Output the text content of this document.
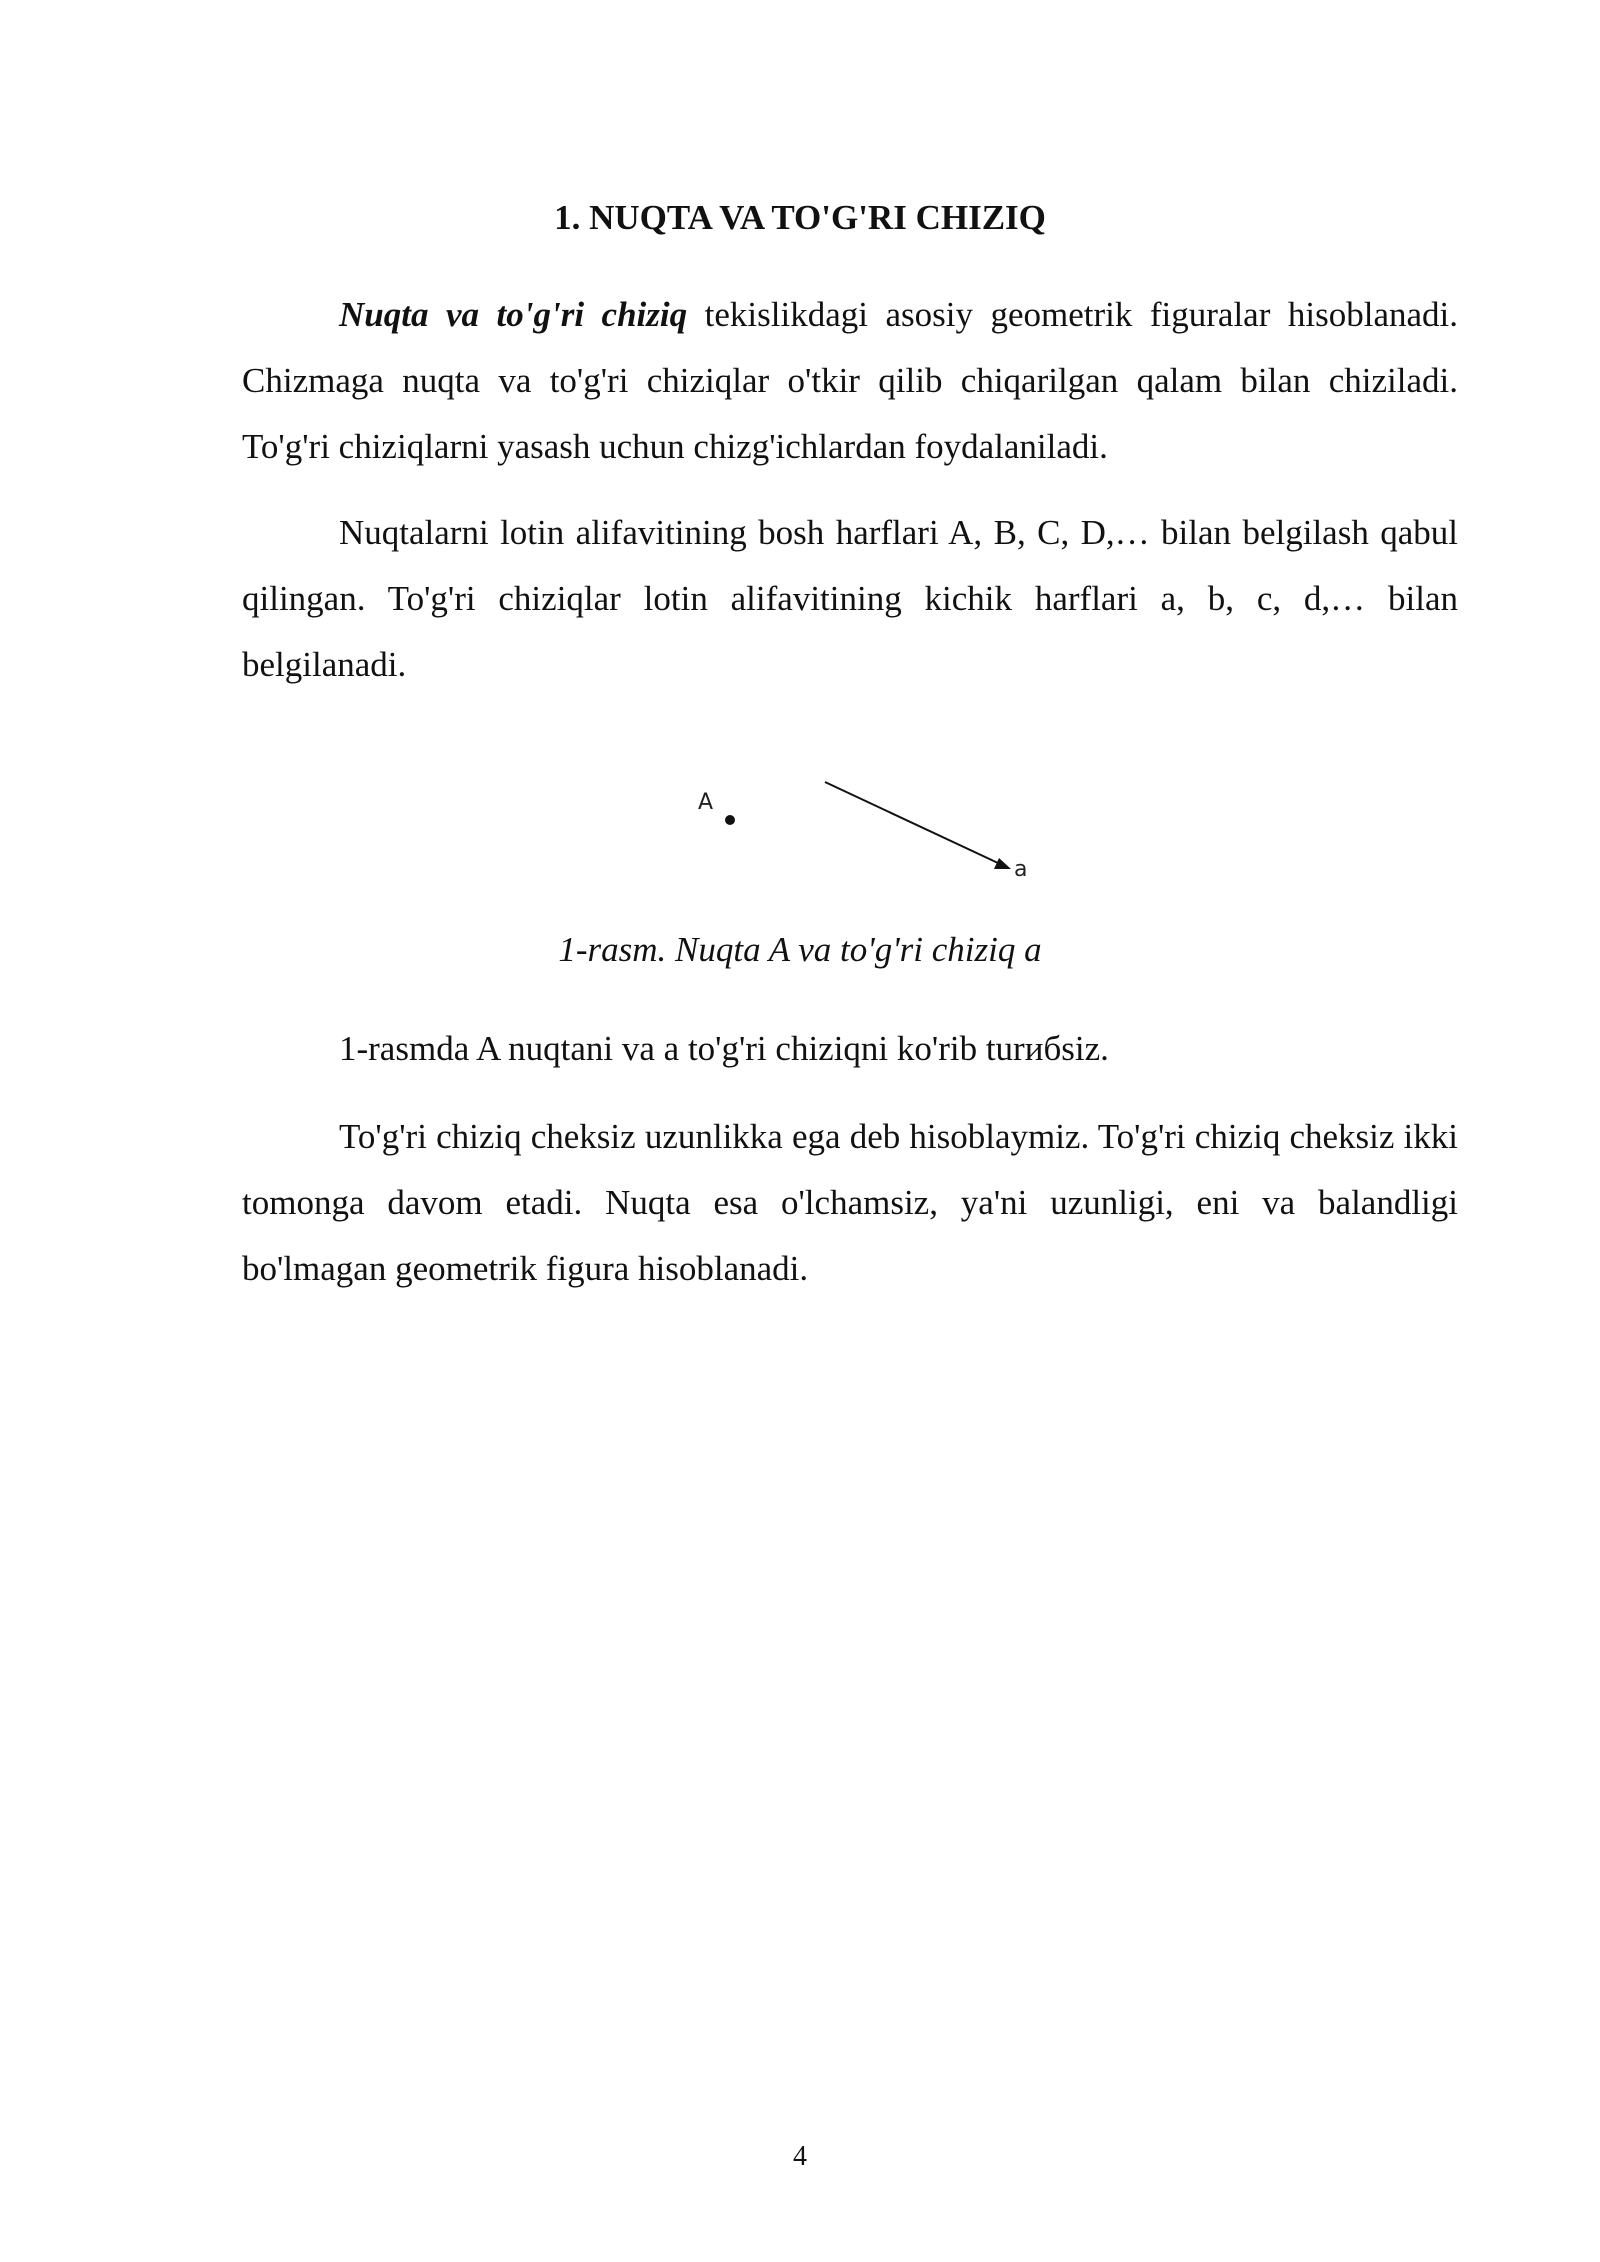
1. NUQTA VA TO'G'RI CHIZIQ

Nuqta va to'g'ri chiziq tekislikdagi asosiy geometrik figuralar hisoblanadi. Chizmaga nuqta va to'g'ri chiziqlar o'tkir qilib chiqarilgan qalam bilan chiziladi. To'g'ri chiziqlarni yasash uchun chizg'ichlardan foydalaniladi.

Nuqtalarni lotin alifavitining bosh harflari A, B, C, D,… bilan belgilash qabul qilingan. To'g'ri chiziqlar lotin alifavitining kichik harflari a, b, c, d,… bilan belgilanadi.

A
a

1-rasm. Nuqta A va to'g'ri chiziq a

1-rasmda A nuqtani va a to'g'ri chiziqni ko'rib turибsiz.

To'g'ri chiziq cheksiz uzunlikka ega deb hisoblaymiz. To'g'ri chiziq cheksiz ikki tomonga davom etadi. Nuqta esa o'lchamsiz, ya'ni uzunligi, eni va balandligi bo'lmagan geometrik figura hisoblanadi.

4
